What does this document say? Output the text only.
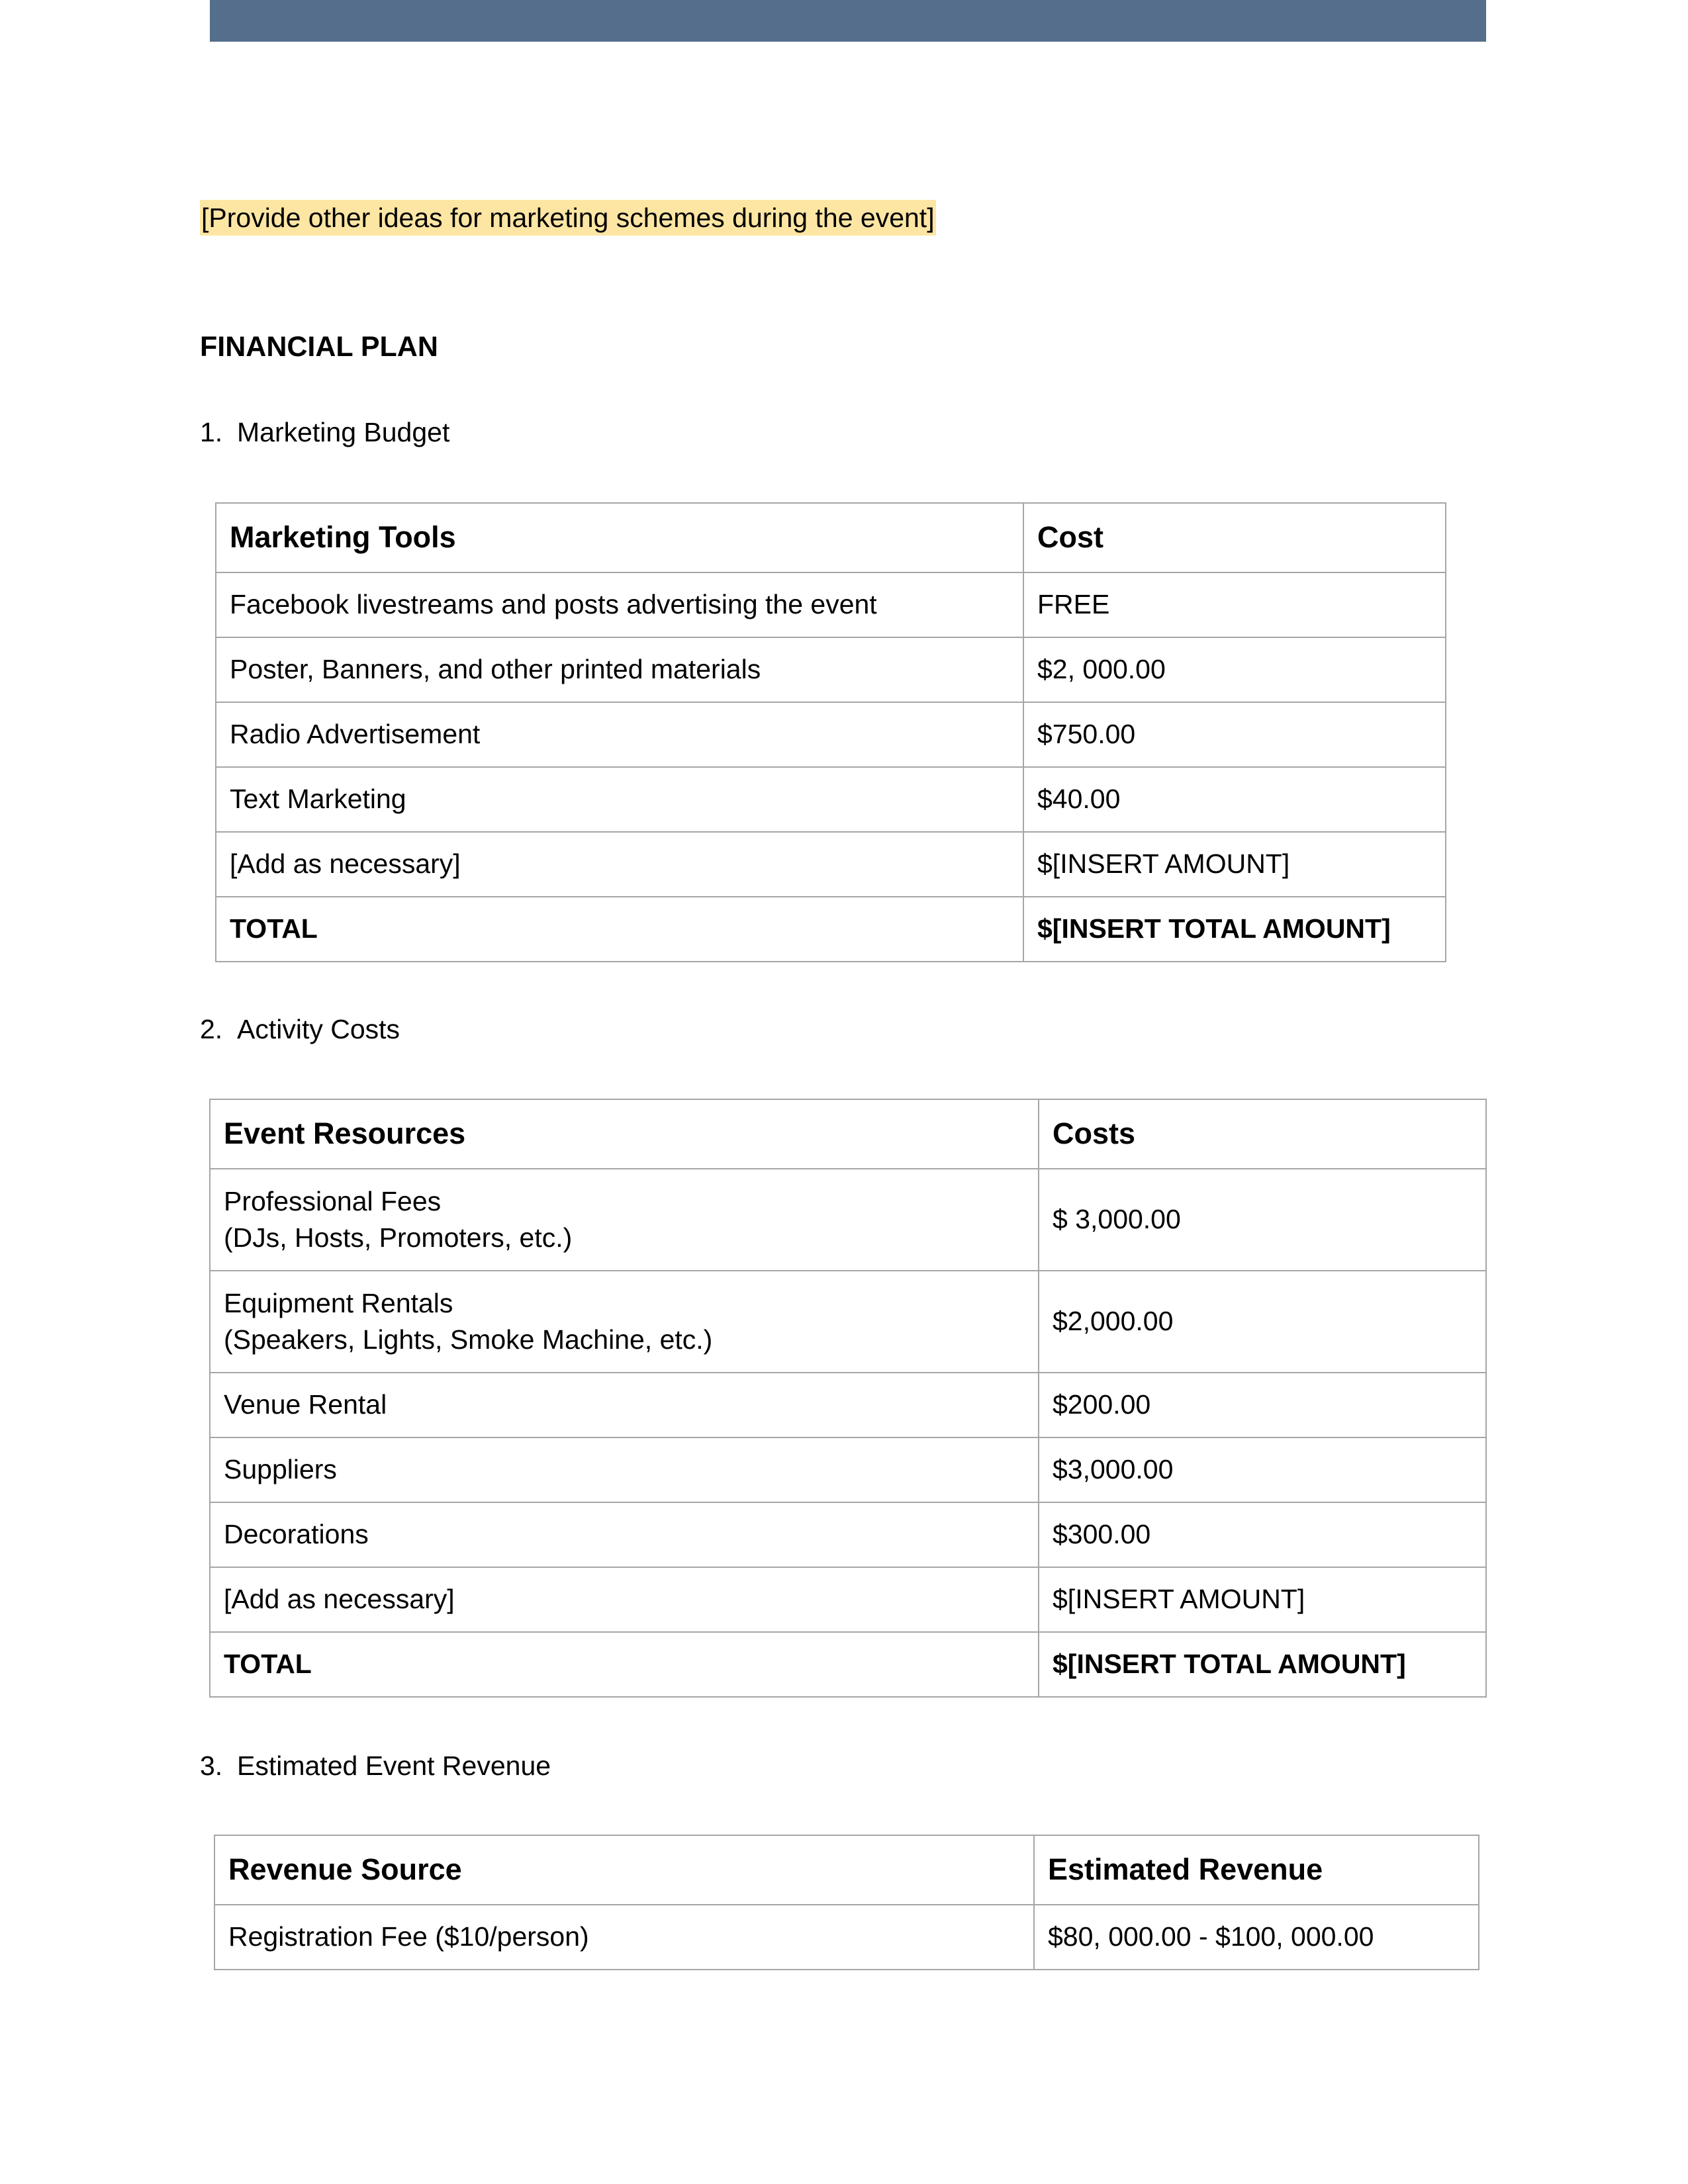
[Provide other ideas for marketing schemes during the event]
FINANCIAL PLAN
1. Marketing Budget
Marketing Tools	Cost
Facebook livestreams and posts advertising the event	FREE
Poster, Banners, and other printed materials	$2, 000.00
Radio Advertisement	$750.00
Text Marketing	$40.00
[Add as necessary]	$[INSERT AMOUNT]
TOTAL	$[INSERT TOTAL AMOUNT]
2. Activity Costs
Event Resources	Costs

Professional Fees
(DJs, Hosts, Promoters, etc.)	$ 3,000.00

Equipment Rentals
(Speakers, Lights, Smoke Machine, etc.)	$2,000.00
Venue Rental	$200.00
Suppliers	$3,000.00
Decorations	$300.00
[Add as necessary]	$[INSERT AMOUNT]
TOTAL	$[INSERT TOTAL AMOUNT]
3. Estimated Event Revenue
Revenue Source	Estimated Revenue
Registration Fee ($10/person)	$80, 000.00 - $100, 000.00
